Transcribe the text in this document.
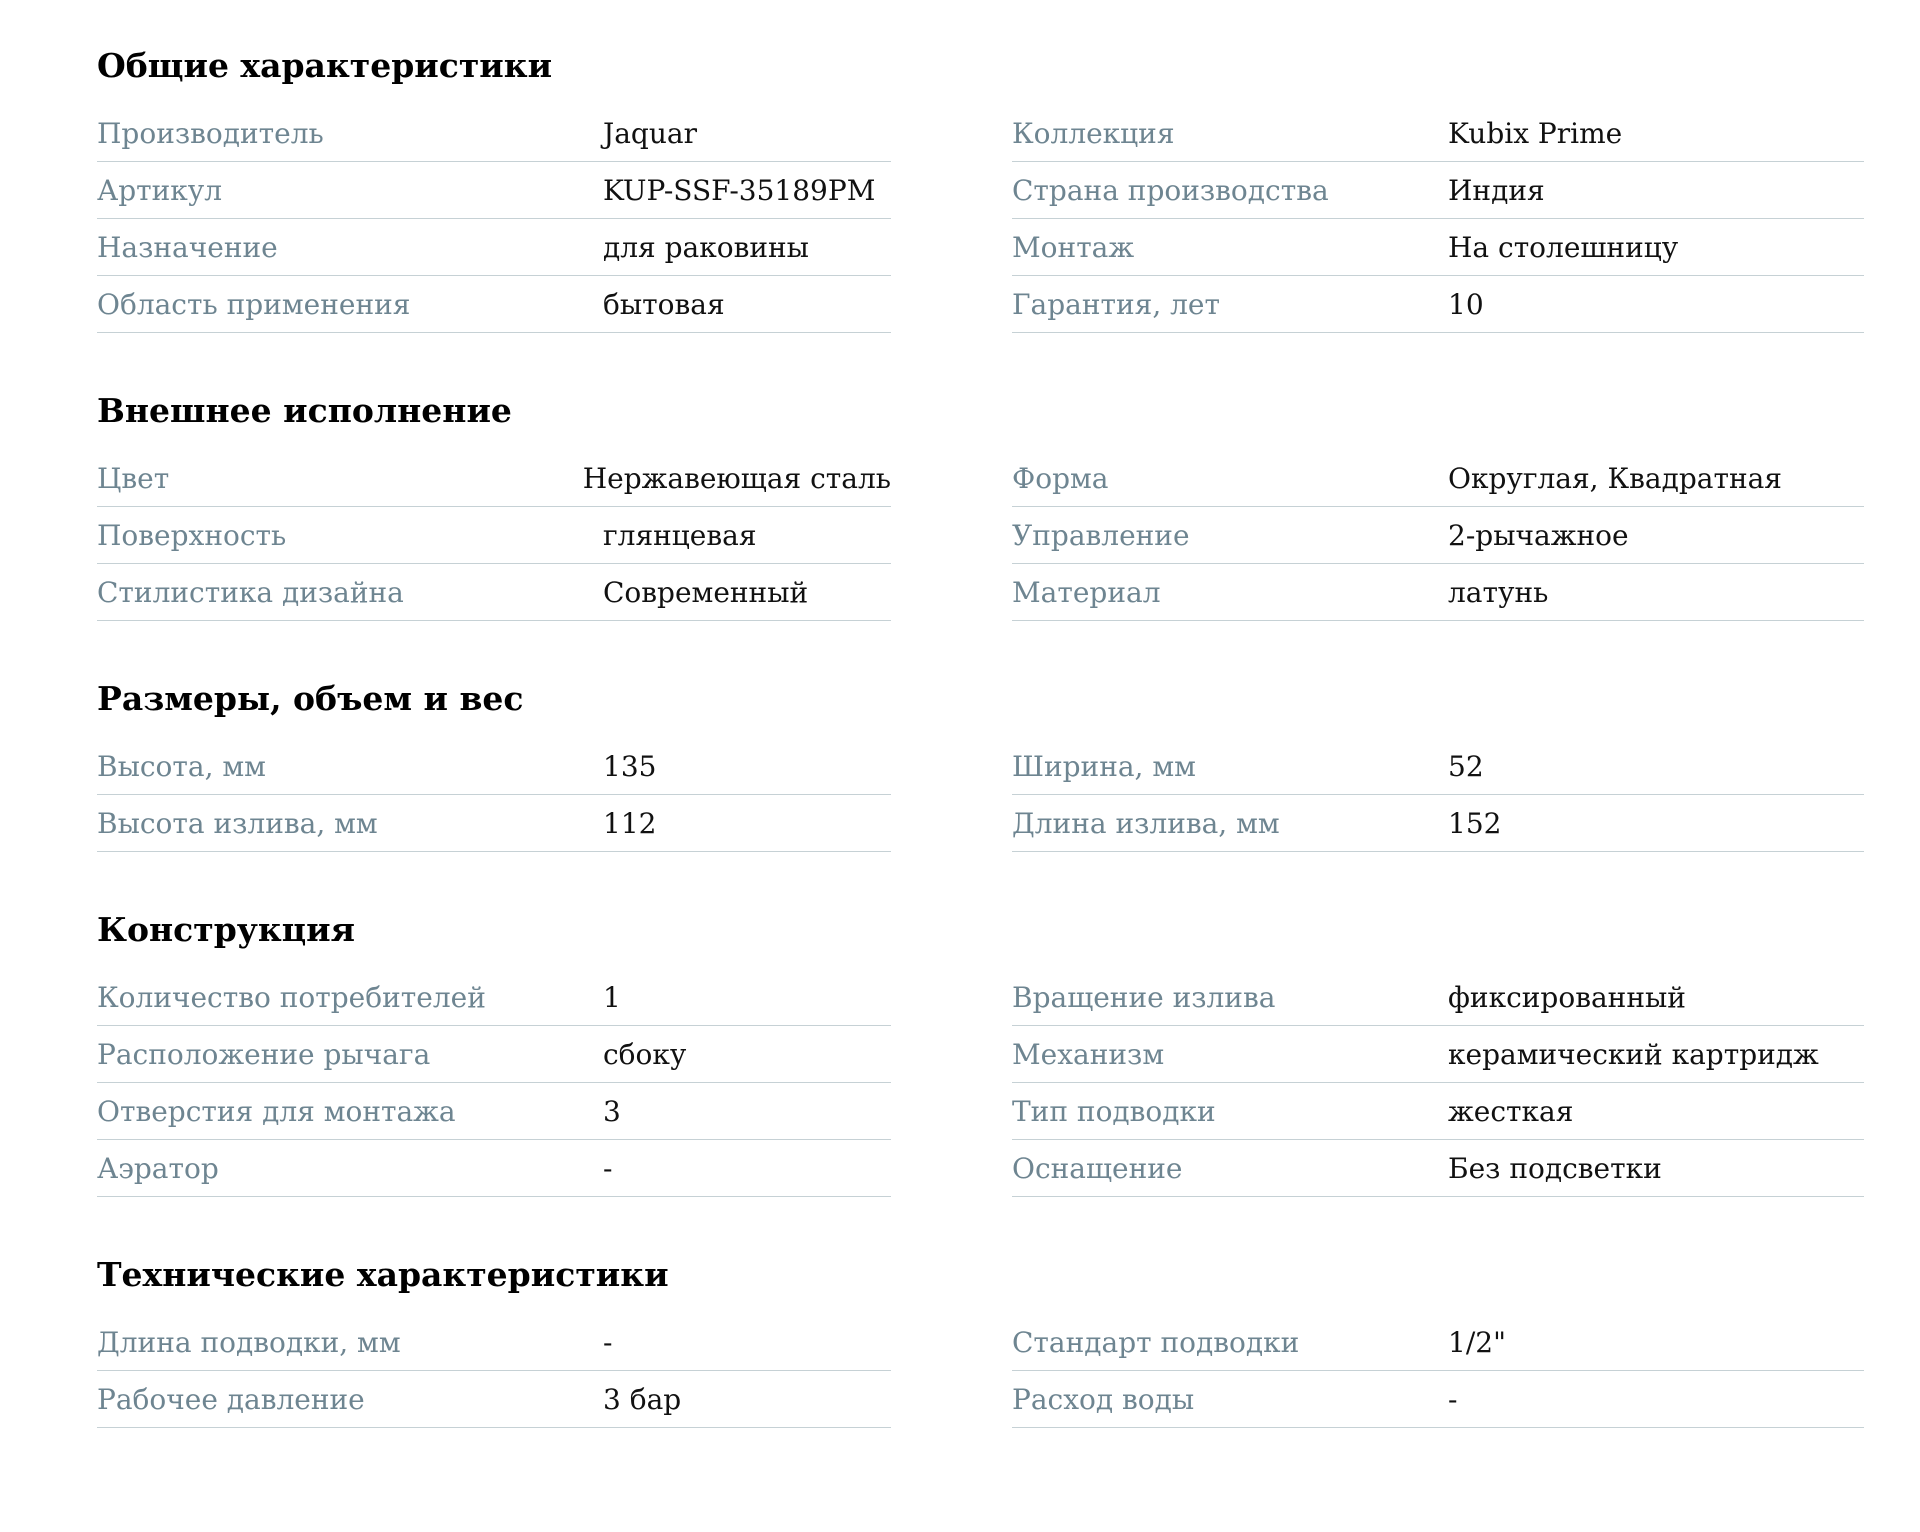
Общие характеристики
Производитель	Jaquar
Артикул	KUP-SSF-35189PM
Назначение	для раковины
Область применения	бытовая
Коллекция	Kubix Prime
Страна производства	Индия
Монтаж	На столешницу
Гарантия, лет	10
Внешнее исполнение
Цвет	Нержавеющая сталь
Поверхность	глянцевая
Стилистика дизайна	Современный
Форма	Округлая, Квадратная
Управление	2-рычажное
Материал	латунь
Размеры, объем и вес
Высота, мм	135
Высота излива, мм	112
Ширина, мм	52
Длина излива, мм	152
Конструкция
Количество потребителей	1
Расположение рычага	сбоку
Отверстия для монтажа	3
Аэратор	-
Вращение излива	фиксированный
Механизм	керамический картридж
Тип подводки	жесткая
Оснащение	Без подсветки
Технические характеристики
Длина подводки, мм	-
Рабочее давление	3 бар
Стандарт подводки	1/2"
Расход воды	-
